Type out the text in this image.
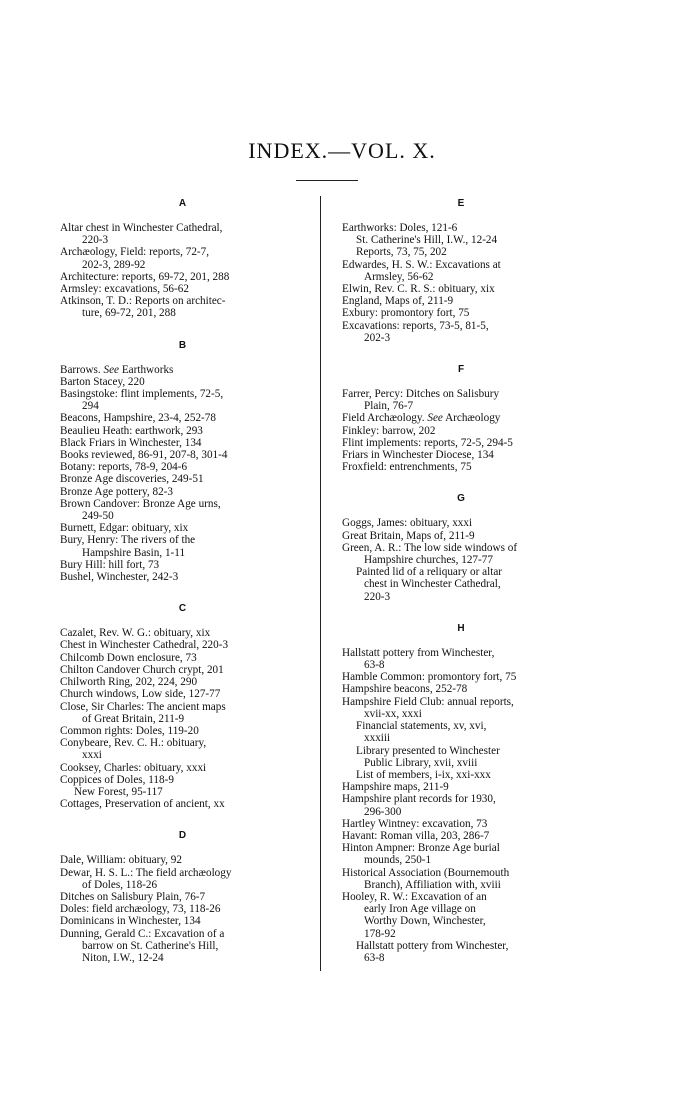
INDEX.—VOL. X.
A
Altar chest in Winchester Cathedral,
220-3
Archæology, Field: reports, 72-7,
202-3, 289-92
Architecture: reports, 69-72, 201, 288
Armsley: excavations, 56-62
Atkinson, T. D.: Reports on architec-
ture, 69-72, 201, 288
B
Barrows. See Earthworks
Barton Stacey, 220
Basingstoke: flint implements, 72-5,
294
Beacons, Hampshire, 23-4, 252-78
Beaulieu Heath: earthwork, 293
Black Friars in Winchester, 134
Books reviewed, 86-91, 207-8, 301-4
Botany: reports, 78-9, 204-6
Bronze Age discoveries, 249-51
Bronze Age pottery, 82-3
Brown Candover: Bronze Age urns,
249-50
Burnett, Edgar: obituary, xix
Bury, Henry: The rivers of the
Hampshire Basin, 1-11
Bury Hill: hill fort, 73
Bushel, Winchester, 242-3
C
Cazalet, Rev. W. G.: obituary, xix
Chest in Winchester Cathedral, 220-3
Chilcomb Down enclosure, 73
Chilton Candover Church crypt, 201
Chilworth Ring, 202, 224, 290
Church windows, Low side, 127-77
Close, Sir Charles: The ancient maps
of Great Britain, 211-9
Common rights: Doles, 119-20
Conybeare, Rev. C. H.: obituary,
xxxi
Cooksey, Charles: obituary, xxxi
Coppices of Doles, 118-9
New Forest, 95-117
Cottages, Preservation of ancient, xx
D
Dale, William: obituary, 92
Dewar, H. S. L.: The field archæology
of Doles, 118-26
Ditches on Salisbury Plain, 76-7
Doles: field archæology, 73, 118-26
Dominicans in Winchester, 134
Dunning, Gerald C.: Excavation of a
barrow on St. Catherine's Hill,
Niton, I.W., 12-24
E
Earthworks: Doles, 121-6
St. Catherine's Hill, I.W., 12-24
Reports, 73, 75, 202
Edwardes, H. S. W.: Excavations at
Armsley, 56-62
Elwin, Rev. C. R. S.: obituary, xix
England, Maps of, 211-9
Exbury: promontory fort, 75
Excavations: reports, 73-5, 81-5,
202-3
F
Farrer, Percy: Ditches on Salisbury
Plain, 76-7
Field Archæology. See Archæology
Finkley: barrow, 202
Flint implements: reports, 72-5, 294-5
Friars in Winchester Diocese, 134
Froxfield: entrenchments, 75
G
Goggs, James: obituary, xxxi
Great Britain, Maps of, 211-9
Green, A. R.: The low side windows of
Hampshire churches, 127-77
Painted lid of a reliquary or altar
chest in Winchester Cathedral,
220-3
H
Hallstatt pottery from Winchester,
63-8
Hamble Common: promontory fort, 75
Hampshire beacons, 252-78
Hampshire Field Club: annual reports,
xvii-xx, xxxi
Financial statements, xv, xvi,
xxxiii
Library presented to Winchester
Public Library, xvii, xviii
List of members, i-ix, xxi-xxx
Hampshire maps, 211-9
Hampshire plant records for 1930,
296-300
Hartley Wintney: excavation, 73
Havant: Roman villa, 203, 286-7
Hinton Ampner: Bronze Age burial
mounds, 250-1
Historical Association (Bournemouth
Branch), Affiliation with, xviii
Hooley, R. W.: Excavation of an
early Iron Age village on
Worthy Down, Winchester,
178-92
Hallstatt pottery from Winchester,
63-8
